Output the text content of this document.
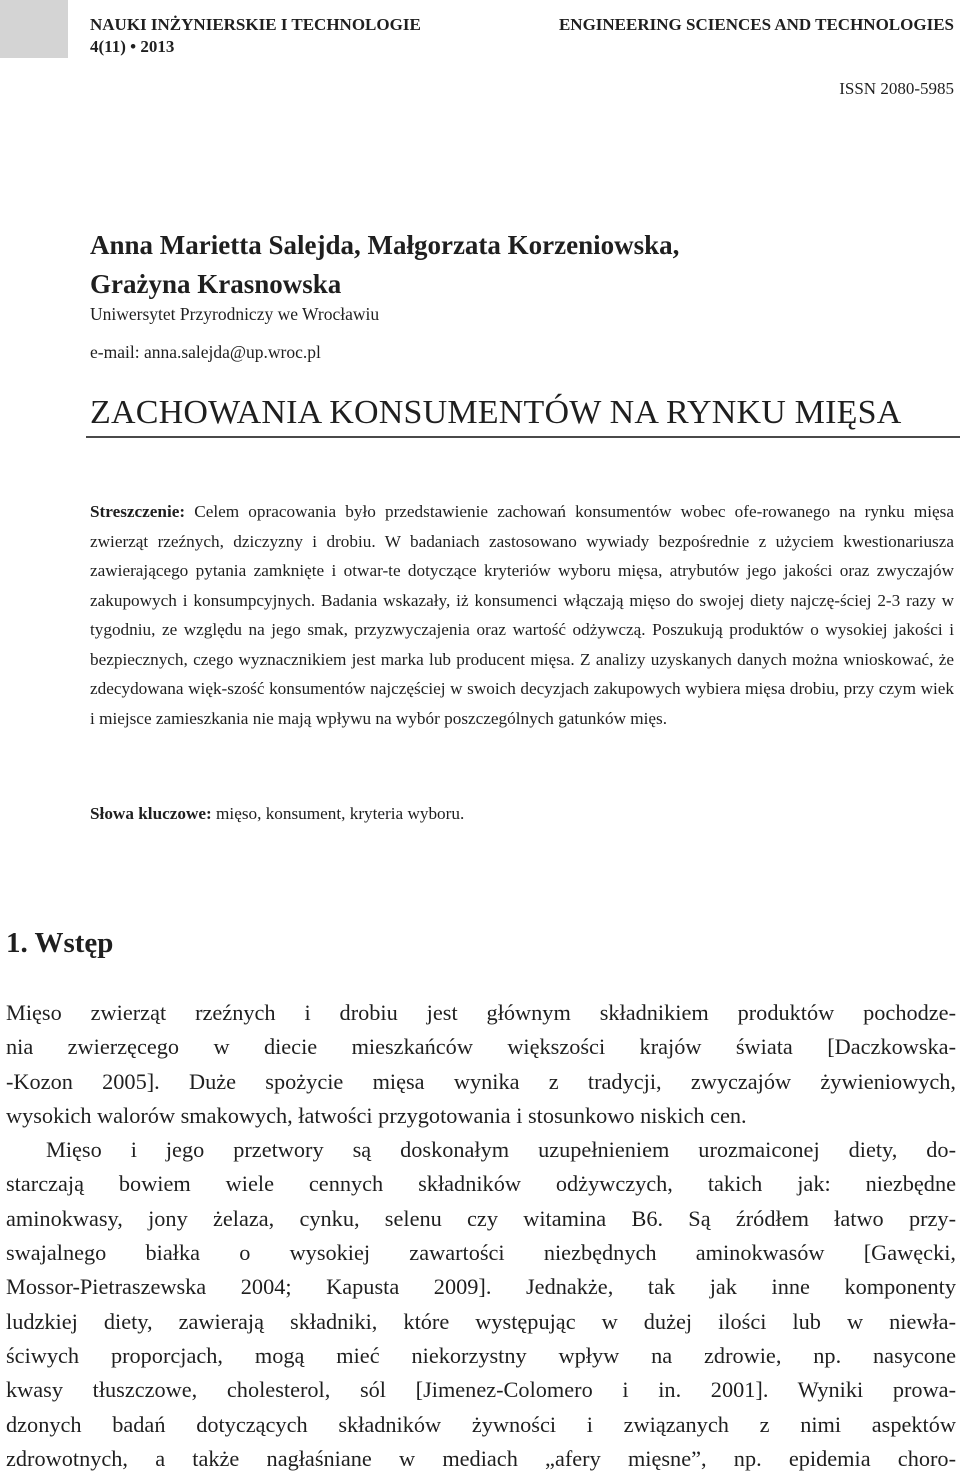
NAUKI INŻYNIERSKIE I TECHNOLOGIE
4(11) • 2013
ENGINEERING SCIENCES AND TECHNOLOGIES
ISSN 2080-5985
Anna Marietta Salejda, Małgorzata Korzeniowska,
Grażyna Krasnowska
Uniwersytet Przyrodniczy we Wrocławiu
e-mail: anna.salejda@up.wroc.pl
ZACHOWANIA KONSUMENTÓW NA RYNKU MIĘSA
Streszczenie: Celem opracowania było przedstawienie zachowań konsumentów wobec ofe-rowanego na rynku mięsa zwierząt rzeźnych, dziczyzny i drobiu. W badaniach zastosowano wywiady bezpośrednie z użyciem kwestionariusza zawierającego pytania zamknięte i otwar-te dotyczące kryteriów wyboru mięsa, atrybutów jego jakości oraz zwyczajów zakupowych i konsumpcyjnych. Badania wskazały, iż konsumenci włączają mięso do swojej diety najczę-ściej 2-3 razy w tygodniu, ze względu na jego smak, przyzwyczajenia oraz wartość odżywczą. Poszukują produktów o wysokiej jakości i bezpiecznych, czego wyznacznikiem jest marka lub producent mięsa. Z analizy uzyskanych danych można wnioskować, że zdecydowana więk-szość konsumentów najczęściej w swoich decyzjach zakupowych wybiera mięsa drobiu, przy czym wiek i miejsce zamieszkania nie mają wpływu na wybór poszczególnych gatunków mięs.
Słowa kluczowe: mięso, konsument, kryteria wyboru.
1. Wstęp
Mięso zwierząt rzeźnych i drobiu jest głównym składnikiem produktów pochodze-
nia zwierzęcego w diecie mieszkańców większości krajów świata [Daczkowska-
-Kozon 2005]. Duże spożycie mięsa wynika z tradycji, zwyczajów żywieniowych,
wysokich walorów smakowych, łatwości przygotowania i stosunkowo niskich cen.
Mięso i jego przetwory są doskonałym uzupełnieniem urozmaiconej diety, do-
starczają bowiem wiele cennych składników odżywczych, takich jak: niezbędne
aminokwasy, jony żelaza, cynku, selenu czy witamina B6. Są źródłem łatwo przy-
swajalnego białka o wysokiej zawartości niezbędnych aminokwasów [Gawęcki,
Mossor-Pietraszewska 2004; Kapusta 2009]. Jednakże, tak jak inne komponenty
ludzkiej diety, zawierają składniki, które występując w dużej ilości lub w niewła-
ściwych proporcjach, mogą mieć niekorzystny wpływ na zdrowie, np. nasycone
kwasy tłuszczowe, cholesterol, sól [Jimenez-Colomero i in. 2001]. Wyniki prowa-
dzonych badań dotyczących składników żywności i związanych z nimi aspektów
zdrowotnych, a także nagłaśniane w mediach „afery mięsne”, np. epidemia choro-
